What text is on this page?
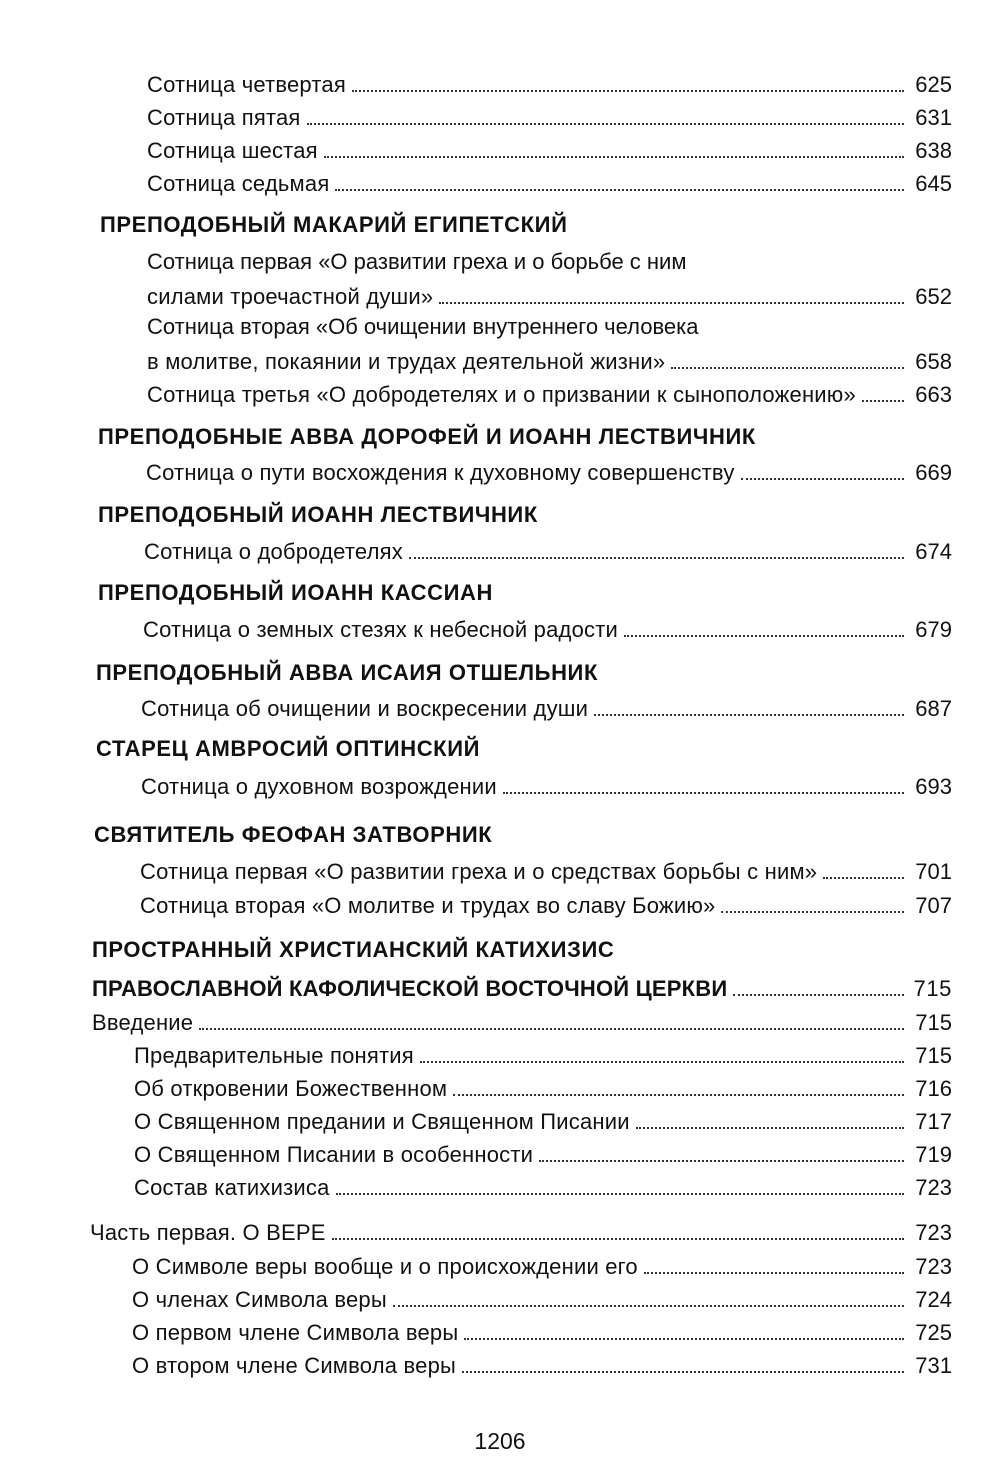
Сотница четвертая	625
Сотница пятая	631
Сотница шестая	638
Сотница седьмая	645
ПРЕПОДОБНЫЙ МАКАРИЙ ЕГИПЕТСКИЙ
Сотница первая «О развитии греха и о борьбе с ним
силами троечастной души»	652
Сотница вторая «Об очищении внутреннего человека
в молитве, покаянии и трудах деятельной жизни»	658
Сотница третья «О добродетелях и о призвании к сыноположению»	663
ПРЕПОДОБНЫЕ АВВА ДОРОФЕЙ И ИОАНН ЛЕСТВИЧНИК
Сотница о пути восхождения к духовному совершенству	669
ПРЕПОДОБНЫЙ ИОАНН ЛЕСТВИЧНИК
Сотница о добродетелях	674
ПРЕПОДОБНЫЙ ИОАНН КАССИАН
Сотница о земных стезях к небесной радости	679
ПРЕПОДОБНЫЙ АВВА ИСАИЯ ОТШЕЛЬНИК
Сотница об очищении и воскресении души	687
СТАРЕЦ АМВРОСИЙ ОПТИНСКИЙ
Сотница о духовном возрождении	693
СВЯТИТЕЛЬ ФЕОФАН ЗАТВОРНИК
Сотница первая «О развитии греха и о средствах борьбы с ним»	701
Сотница вторая «О молитве и трудах во славу Божию»	707
ПРОСТРАННЫЙ ХРИСТИАНСКИЙ КАТИХИЗИС
ПРАВОСЛАВНОЙ КАФОЛИЧЕСКОЙ ВОСТОЧНОЙ ЦЕРКВИ	715
Введение	715
Предварительные понятия	715
Об откровении Божественном	716
О Священном предании и Священном Писании	717
О Священном Писании в особенности	719
Состав катихизиса	723
Часть первая. О ВЕРЕ	723
О Символе веры вообще и о происхождении его	723
О членах Символа веры	724
О первом члене Символа веры	725
О втором члене Символа веры	731
1206
